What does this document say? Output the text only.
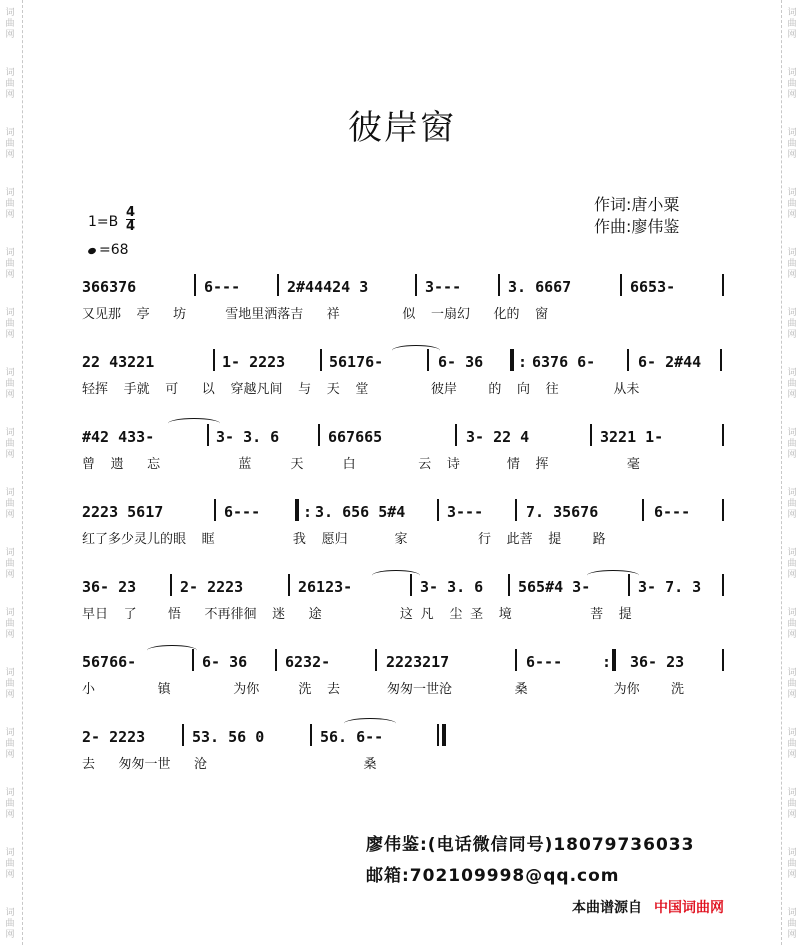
词
曲
网
词
曲
网
词
曲
网
词
曲
网
词
曲
网
词
曲
网
词
曲
网
词
曲
网
词
曲
网
词
曲
网
词
曲
网
词
曲
网
词
曲
网
词
曲
网
词
曲
网
词
曲
网
词
曲
网
词
曲
网
词
曲
网
词
曲
网
词
曲
网
词
曲
网
词
曲
网
词
曲
网
词
曲
网
词
曲
网
词
曲
网
词
曲
网
词
曲
网
词
曲
网
词
曲
网
词
曲
网
彼岸窗
作词:唐小粟
作曲:廖伟鉴
1=B
4
4
=68
366376	6---	2#44424 3	3---	3. 6667	6653-
又见那  亭   坊     雪地里洒落吉   祥        似  一扇幻   化的  窗
22 43221	1- 2223	56176-	6- 36 : 6376 6-	6- 2#44
轻挥  手就  可   以  穿越凡间  与  天  堂        彼岸    的  向  往       从未
#42 433-	3- 3. 6	667665	3- 22 4	3221 1-
曾  遗   忘          蓝     天     白        云  诗      情  挥          毫
2223 5617	6---	: 3. 656 5#4	3---	7. 35676	6---
红了多少灵儿的眼  眶          我  愿归      家         行  此菩  提    路
36- 23	2- 2223	26123-	3- 3. 6 565#4 3-	3- 7. 3
早日  了    悟   不再徘徊  迷   途          这 凡  尘 圣  境          菩  提
56766-	6- 36	6232-	2223217	6---	: 36- 23
小        镇        为你     洗  去      匆匆一世沧        桑           为你    洗
2- 2223	53. 56 0	56. 6--
去   匆匆一世   沧                    桑
廖伟鉴:(电话微信同号)18079736033
邮箱:702109998@qq.com
本曲谱源自 中国词曲网
